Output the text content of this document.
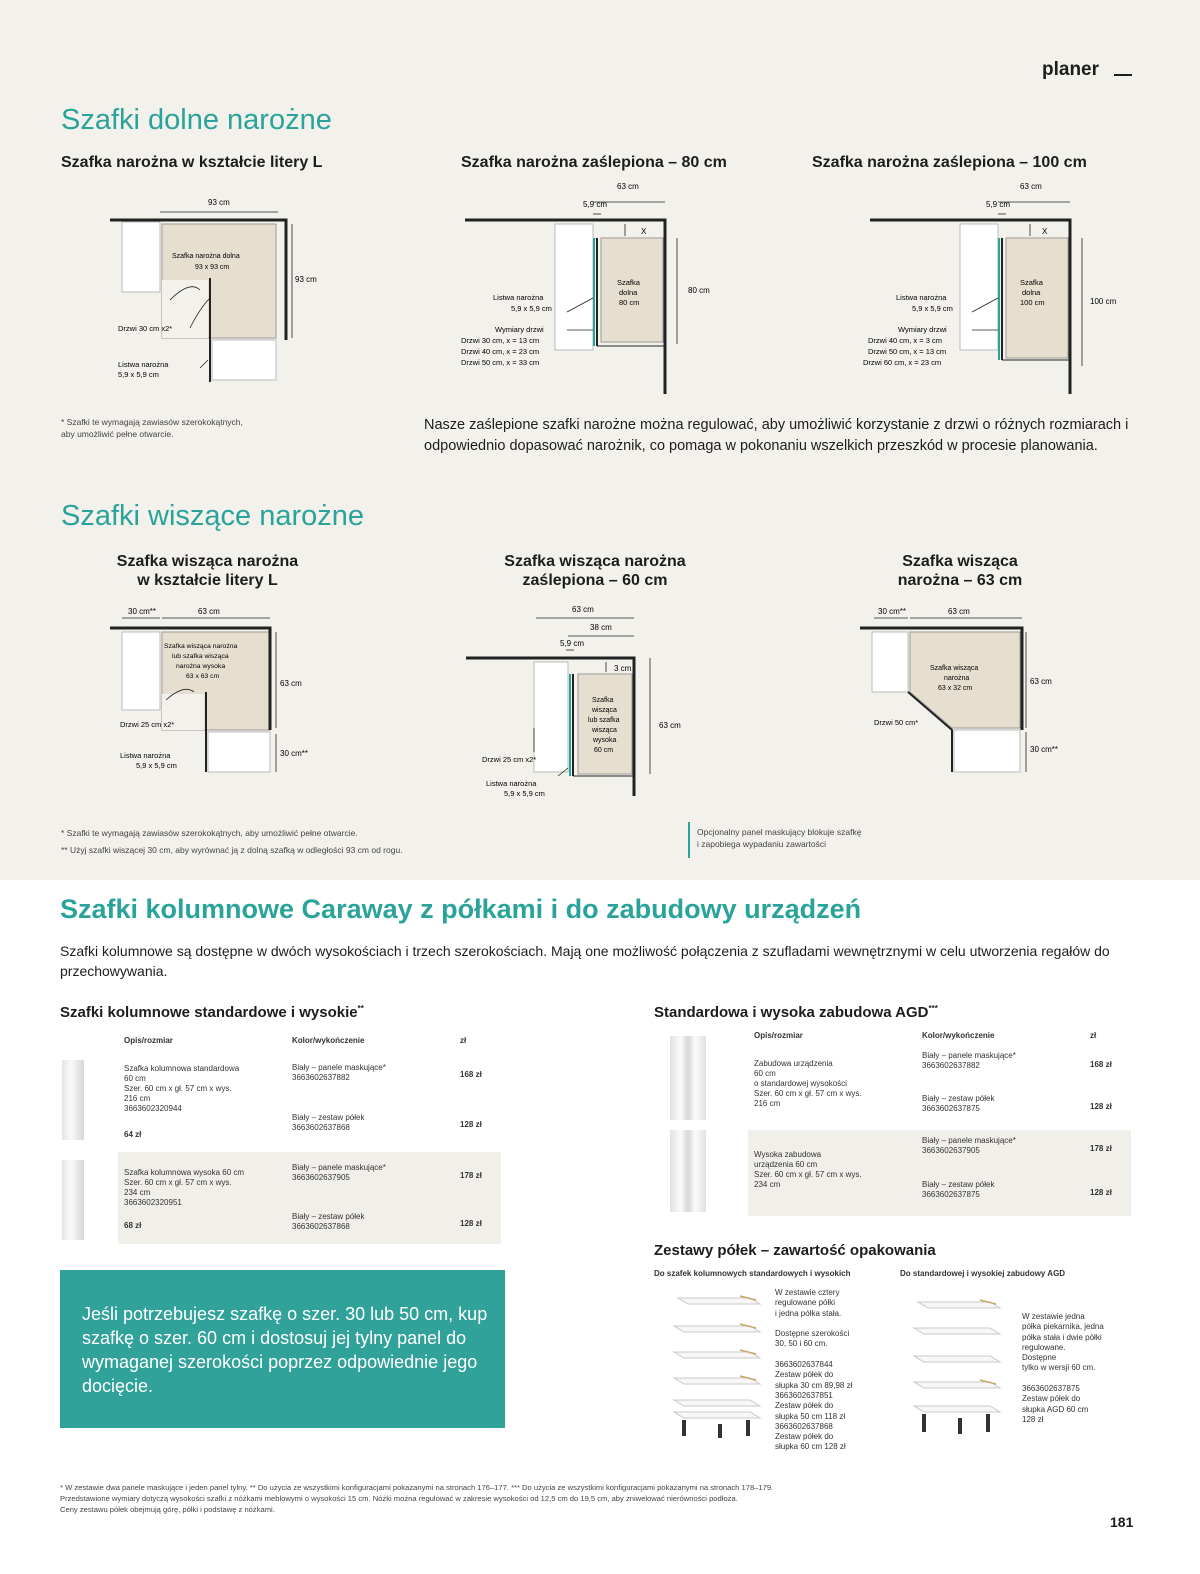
planer
Szafki dolne narożne
Szafka narożna w kształcie litery L	Szafka narożna zaślepiona – 80 cm	Szafka narożna zaślepiona – 100 cm
93 cm
93 cm
Szafka narożna dolna
93 x 93 cm
Drzwi 30 cm x2*
Listwa narożna
5,9 x 5,9 cm
63 cm
5,9 cm
X
Szafka
dolna
80 cm
80 cm
Listwa narożna
5,9 x 5,9 cm
Wymiary drzwi
Drzwi 30 cm, x = 13 cm
Drzwi 40 cm, x = 23 cm
Drzwi 50 cm, x = 33 cm
63 cm
5,9 cm
X
Szafka
dolna
100 cm	100 cm
Listwa narożna
5,9 x 5,9 cm
Wymiary drzwi
Drzwi 40 cm, x = 3 cm
Drzwi 50 cm, x = 13 cm
Drzwi 60 cm, x = 23 cm
* Szafki te wymagają zawiasów szerokokątnych,
aby umożliwić pełne otwarcie.
Nasze zaślepione szafki narożne można regulować, aby umożliwić korzystanie z drzwi o różnych rozmiarach i odpowiednio dopasować narożnik, co pomaga w pokonaniu wszelkich przeszkód w procesie planowania.
Szafki wiszące narożne
Szafka wisząca narożna
w kształcie litery L
Szafka wisząca narożna
zaślepiona – 60 cm
Szafka wisząca
narożna – 63 cm
30 cm**	63 cm
Szafka wisząca narożna
lub szafka wisząca
narożna wysoka
63 x 63 cm
63 cm
30 cm**
Drzwi 25 cm x2*
Listwa narożna
5,9 x 5,9 cm
63 cm
38 cm
5,9 cm
3 cm
Szafka
wisząca
lub szafka
wisząca
wysoka
60 cm
63 cm
Drzwi 25 cm x2*
Listwa narożna
5,9 x 5,9 cm
30 cm**	63 cm
Szafka wisząca
narożna
63 x 32 cm
63 cm
30 cm**
Drzwi 50 cm*
* Szafki te wymagają zawiasów szerokokątnych, aby umożliwić pełne otwarcie.
** Użyj szafki wiszącej 30 cm, aby wyrównać ją z dolną szafką w odległości 93 cm od rogu.
Opcjonalny panel maskujący blokuje szafkę
i zapobiega wypadaniu zawartości
Szafki kolumnowe Caraway z półkami i do zabudowy urządzeń
Szafki kolumnowe są dostępne w dwóch wysokościach i trzech szerokościach. Mają one możliwość połączenia z szufladami wewnętrznymi w celu utworzenia regałów do przechowywania.
Szafki kolumnowe standardowe i wysokie**
Opis/rozmiar	Kolor/wykończenie	zł
Szafka kolumnowa standardowa
60 cm
Szer. 60 cm x gł. 57 cm x wys.
216 cm
3663602320944
64 zł
Biały – panele maskujące*
3663602637882	168 zł
Biały – zestaw półek
3663602637868	128 zł
Szafka kolumnowa wysoka 60 cm
Szer. 60 cm x gł. 57 cm x wys.
234 cm
3663602320951
68 zł
Biały – panele maskujące*
3663602637905	178 zł
Biały – zestaw półek
3663602637868	128 zł
Standardowa i wysoka zabudowa AGD***
Opis/rozmiar	Kolor/wykończenie	zł
Zabudowa urządzenia
60 cm
o standardowej wysokości
Szer. 60 cm x gł. 57 cm x wys.
216 cm
Biały – panele maskujące*
3663602637882	168 zł
Biały – zestaw półek
3663602637875	128 zł
Wysoka zabudowa
urządzenia 60 cm
Szer. 60 cm x gł. 57 cm x wys.
234 cm
Biały – panele maskujące*
3663602637905	178 zł
Biały – zestaw półek
3663602637875	128 zł
Jeśli potrzebujesz szafkę o szer. 30 lub 50 cm, kup szafkę o szer. 60 cm i dostosuj jej tylny panel do wymaganej szerokości poprzez odpowiednie jego docięcie.
Zestawy półek – zawartość opakowania
Do szafek kolumnowych standardowych i wysokich	Do standardowej i wysokiej zabudowy AGD
W zestawie cztery
regulowane półki
i jedna półka stała.

Dostępne szerokości
30, 50 i 60 cm.

3663602637844
Zestaw półek do
słupka 30 cm 89,98 zł
3663602637851
Zestaw półek do
słupka 50 cm 118 zł
3663602637868
Zestaw półek do
słupka 60 cm 128 zł
W zestawie jedna
półka piekarnika, jedna
półka stała i dwie półki
regulowane.
Dostępne
tylko w wersji 60 cm.

3663602637875
Zestaw półek do
słupka AGD 60 cm
128 zł
* W zestawie dwa panele maskujące i jeden panel tylny. ** Do użycia ze wszystkimi konfiguracjami pokazanymi na stronach 176–177. *** Do użycia ze wszystkimi konfiguracjami pokazanymi na stronach 178–179.
Przedstawione wymiary dotyczą wysokości szafki z nóżkami meblowymi o wysokości 15 cm. Nóżki można regulować w zakresie wysokości od 12,5 cm do 19,5 cm, aby zniwelować nierówności podłoża.
Ceny zestawu półek obejmują górę, półki i podstawę z nóżkami.
181
